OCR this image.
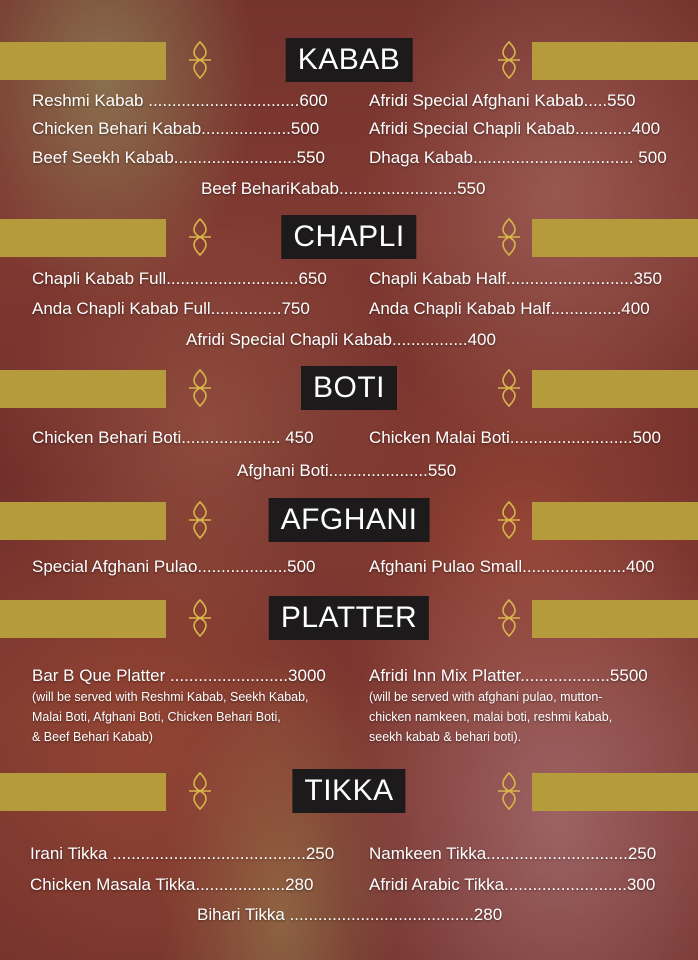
KABAB
Reshmi Kabab ................................600 Afridi Special Afghani Kabab.....550
Chicken Behari Kabab...................500	Afridi Special Chapli Kabab............400
Beef Seekh Kabab..........................550	Dhaga Kabab.................................. 500
Beef BehariKabab.........................550
CHAPLI
Chapli Kabab Full............................650 Chapli Kabab Half...........................350
Anda Chapli Kabab Full...............750	Anda Chapli Kabab Half...............400
Afridi Special Chapli Kabab................400
BOTI
Chicken Behari Boti..................... 450	Chicken Malai Boti..........................500
Afghani Boti.....................550
AFGHANI
Special Afghani Pulao...................500	Afghani Pulao Small......................400
PLATTER
Bar B Que Platter .........................3000	Afridi Inn Mix Platter...................5500
(will be served with Reshmi Kabab, Seekh Kabab,
Malai Boti, Afghani Boti, Chicken Behari Boti,
& Beef Behari Kabab)
(will be served with afghani pulao, mutton-
chicken namkeen, malai boti, reshmi kabab,
seekh kabab & behari boti).
TIKKA
Irani Tikka .........................................250 Namkeen Tikka..............................250
Chicken Masala Tikka...................280	Afridi Arabic Tikka..........................300
Bihari Tikka .......................................280
